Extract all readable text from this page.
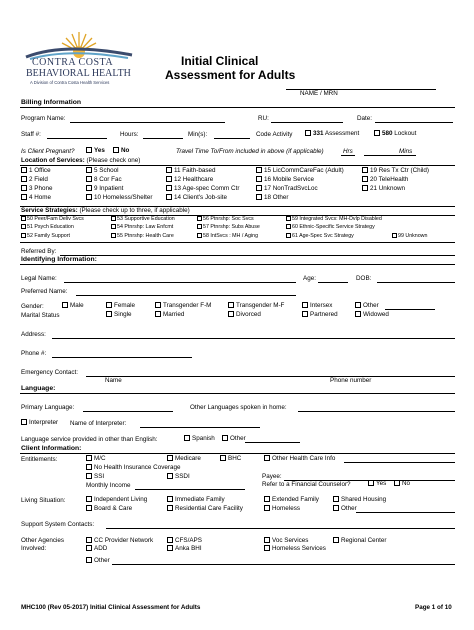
CONTRA COSTA
BEHAVIORAL HEALTH
A Division of Contra Costa Health Services
Initial Clinical
Assessment for Adults
NAME / MRN
Billing Information
Program Name:	RU:	Date:
Staff #:	Hours:	Min(s):	Code Activity	331 Assessment	580 Lockout
Is Client Pregnant?	Yes	No	Travel Time To/From included in above (if applicable)	Hrs	Mins
Location of Services: (Please check one)
1 Office	5 School	11 Faith-based	15 LicCommCareFac (Adult)	19 Res Tx Ctr (Child)
2 Field	8 Cor Fac	12 Healthcare	16 Mobile Service	20 TeleHealth
3 Phone	9 Inpatient	13 Age-spec Comm Ctr	17 NonTradSvcLoc	21 Unknown
4 Home	10 Homeless/Shelter	14 Client's Job-site	18 Other
Service Strategies: (Please check up to three, if applicable)
50 Peer/Fam Deliv Svcs	53 Supportive Education	56 Ptnrshp: Soc Svcs	59 Integrated Svcs: MH-Dvlp Disabled
51 Psych Education	54 Ptnrshp: Law Enfcmt	57 Ptnrshp: Subs Abuse	60 Ethnic-Specific Service Strategy
52 Family Support	55 Ptnrshp: Health Care	58 IntSvcs : MH / Aging	61 Age-Spec Svc Strategy	99 Unknown
Referred By:
Identifying Information:
Legal Name:	Age:	DOB:
Preferred Name:
Gender:
Marital Status
Male	Female	Transgender F-M	Transgender M-F	Intersex	Other
Single	Married	Divorced	Partnered	Widowed
Address:
Phone #:
Emergency Contact:
Name	Phone number
Language:
Primary Language:	Other Languages spoken in home:
Interpreter Name of Interpreter:
Language service provided in other than English:	Spanish	Other
Client Information:
Entitlements:	M/C	Medicare	BHC	Other Health Care Info
No Health Insurance Coverage
SSI	Payee:
SSDI
Refer to a Financial Counselor?	Yes	No
Monthly Income
Living Situation:	Independent Living	Immediate Family	Extended Family	Shared Housing
Board & Care	Residential Care Facility	Homeless	Other
Support System Contacts:
Other Agencies
Involved:
CC Provider Network	CFS/APS	Voc Services	Regional Center
ADD	Anka BHI	Homeless Services
Other
MHC100 (Rev 05-2017) Initial Clinical Assessment for Adults	Page 1 of 10
